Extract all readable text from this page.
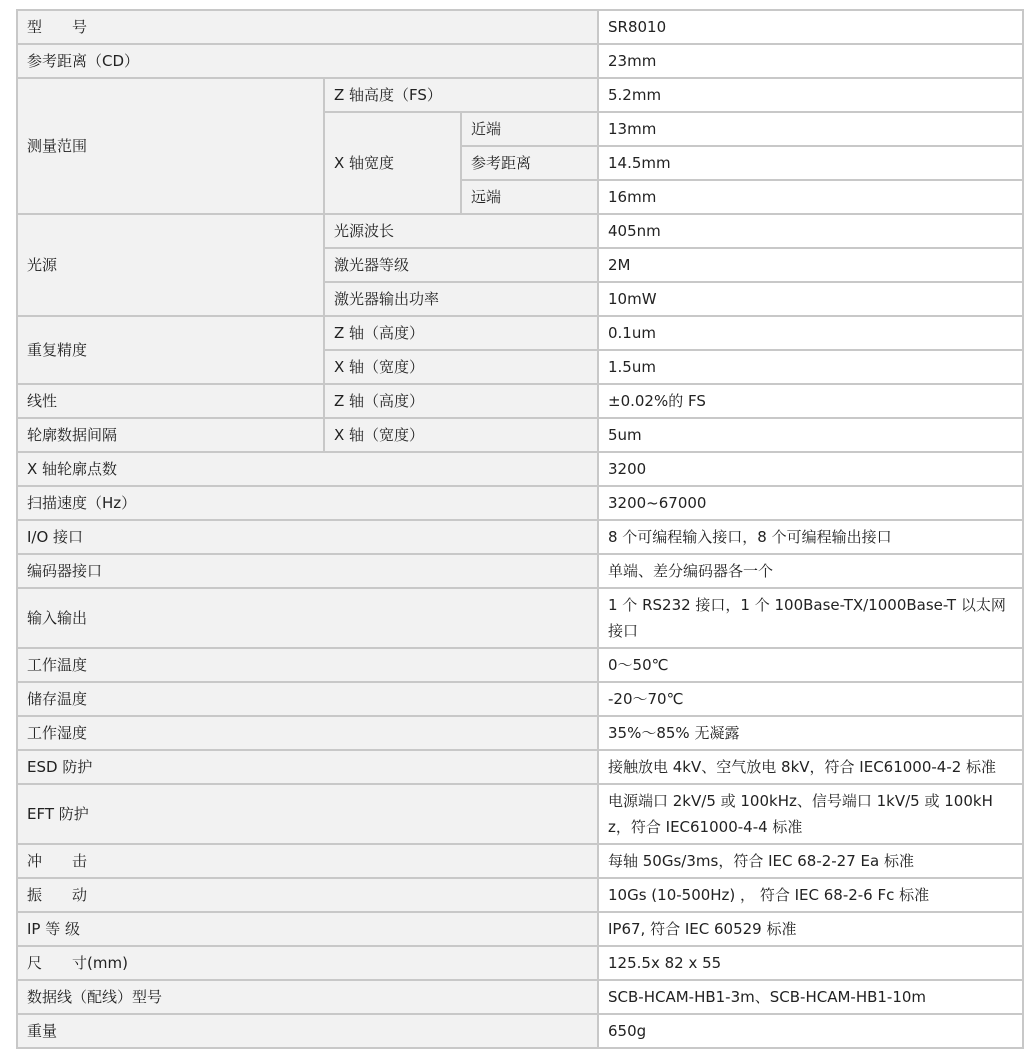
型　　号			SR8010
参考距离（CD）			23mm
测量范围	Z 轴高度（FS）		5.2mm
	X 轴宽度	近端	13mm
		参考距离	14.5mm
		远端	16mm
光源	光源波长		405nm
	激光器等级		2M
	激光器输出功率		10mW
重复精度	Z 轴（高度）		0.1um
	X 轴（宽度）		1.5um
线性	Z 轴（高度）		±0.02%的 FS
轮廓数据间隔	X 轴（宽度）		5um
X 轴轮廓点数			3200
扫描速度（Hz）			3200~67000
I/O 接口			8 个可编程输入接口，8 个可编程输出接口
编码器接口			单端、差分编码器各一个
输入输出			1 个 RS232 接口，1 个 100Base-TX/1000Base-T 以太网接口
工作温度			0～50℃
储存温度			-20～70℃
工作湿度			35%～85% 无凝露
ESD 防护			接触放电 4kV、空气放电 8kV，符合 IEC61000-4-2 标准
EFT 防护			电源端口 2kV/5 或 100kHz、信号端口 1kV/5 或 100kHz，符合 IEC61000-4-4 标准
冲　　击			每轴 50Gs/3ms，符合 IEC 68-2-27 Ea 标准
振　　动			10Gs (10-500Hz) ， 符合 IEC 68-2-6 Fc 标准
IP 等 级			IP67, 符合 IEC 60529 标准
尺　　寸(mm)			125.5x 82 x 55
数据线（配线）型号			SCB-HCAM-HB1-3m、SCB-HCAM-HB1-10m
重量			650g
